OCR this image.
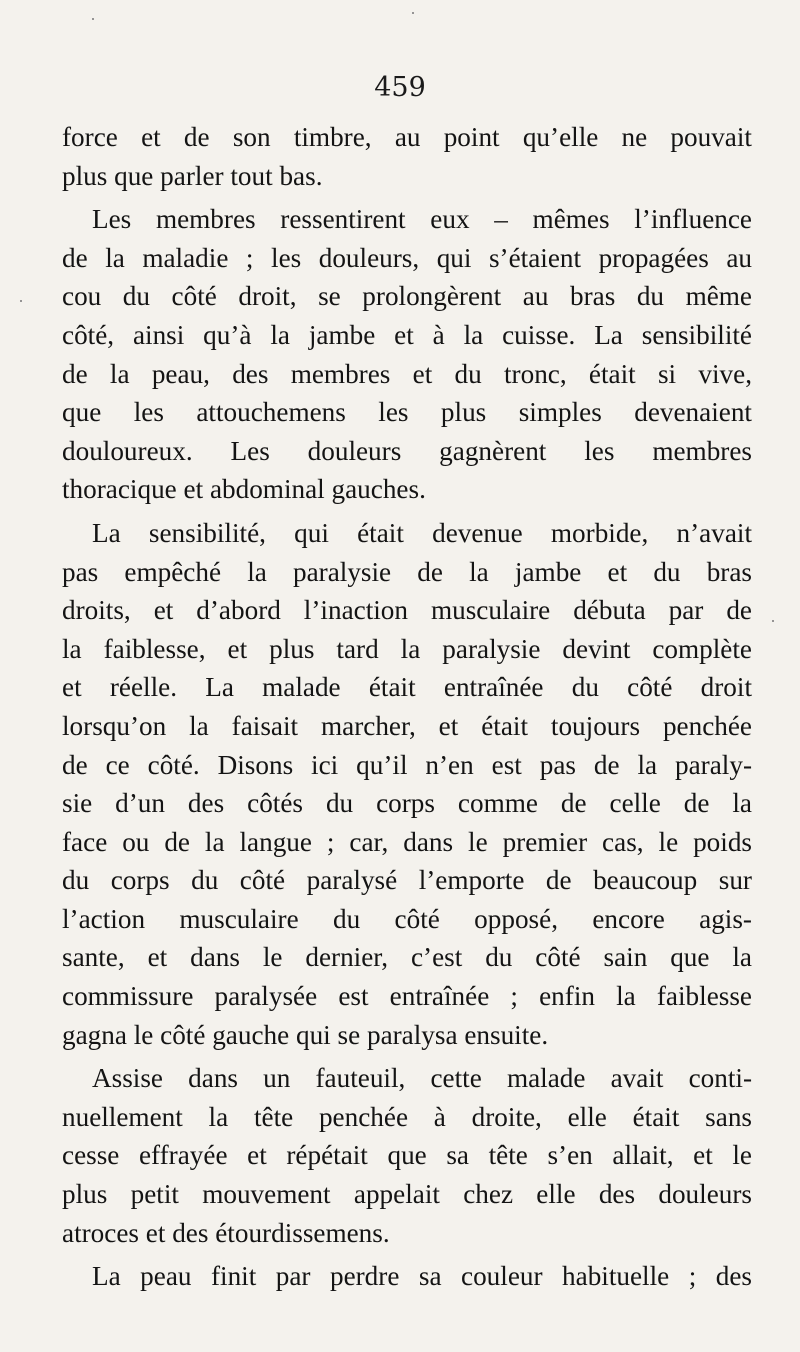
459
force et de son timbre, au point qu’elle ne pouvait
plus que parler tout bas.
Les membres ressentirent eux – mêmes l’influence
de la maladie ; les douleurs, qui s’étaient propagées au
cou du côté droit, se prolongèrent au bras du même
côté, ainsi qu’à la jambe et à la cuisse. La sensibilité
de la peau, des membres et du tronc, était si vive,
que les attouchemens les plus simples devenaient
douloureux. Les douleurs gagnèrent les membres
thoracique et abdominal gauches.
La sensibilité, qui était devenue morbide, n’avait
pas empêché la paralysie de la jambe et du bras
droits, et d’abord l’inaction musculaire débuta par de
la faiblesse, et plus tard la paralysie devint complète
et réelle. La malade était entraînée du côté droit
lorsqu’on la faisait marcher, et était toujours penchée
de ce côté. Disons ici qu’il n’en est pas de la paraly-
sie d’un des côtés du corps comme de celle de la
face ou de la langue ; car, dans le premier cas, le poids
du corps du côté paralysé l’emporte de beaucoup sur
l’action musculaire du côté opposé, encore agis-
sante, et dans le dernier, c’est du côté sain que la
commissure paralysée est entraînée ; enfin la faiblesse
gagna le côté gauche qui se paralysa ensuite.
Assise dans un fauteuil, cette malade avait conti-
nuellement la tête penchée à droite, elle était sans
cesse effrayée et répétait que sa tête s’en allait, et le
plus petit mouvement appelait chez elle des douleurs
atroces et des étourdissemens.
La peau finit par perdre sa couleur habituelle ; des
